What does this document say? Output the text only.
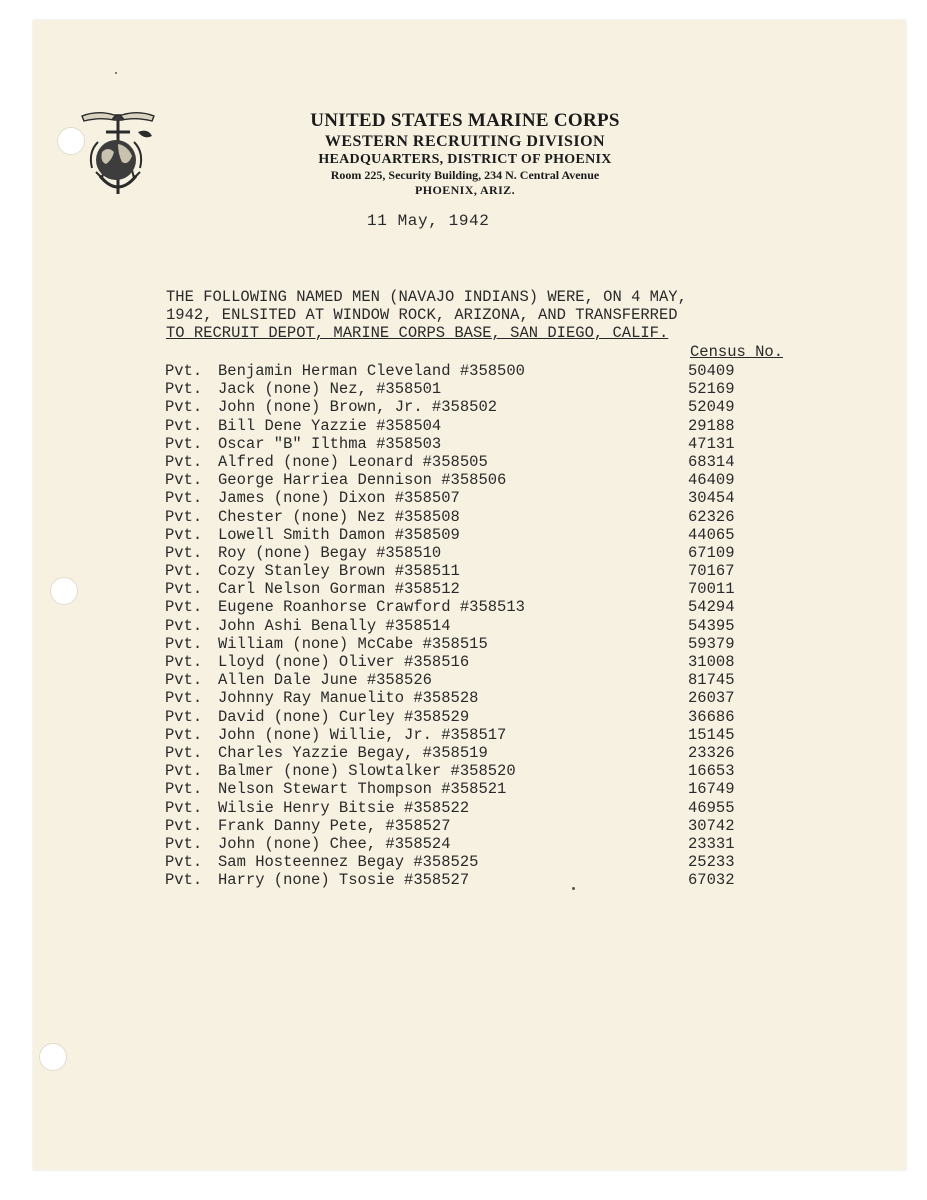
UNITED STATES MARINE CORPS
WESTERN RECRUITING DIVISION
HEADQUARTERS, DISTRICT OF PHOENIX
Room 225, Security Building, 234 N. Central Avenue
PHOENIX, ARIZ.
11 May, 1942
THE FOLLOWING NAMED MEN (NAVAJO INDIANS) WERE, ON 4 MAY,
1942, ENLSITED AT WINDOW ROCK, ARIZONA, AND TRANSFERRED
TO RECRUIT DEPOT, MARINE CORPS BASE, SAN DIEGO, CALIF.
Census No.
Pvt. Benjamin Herman Cleveland #358500	50409
Pvt. Jack (none) Nez, #358501	52169
Pvt. John (none) Brown, Jr. #358502	52049
Pvt. Bill Dene Yazzie #358504	29188
Pvt. Oscar "B" Ilthma #358503	47131
Pvt. Alfred (none) Leonard #358505	68314
Pvt. George Harriea Dennison #358506	46409
Pvt. James (none) Dixon #358507	30454
Pvt. Chester (none) Nez #358508	62326
Pvt. Lowell Smith Damon #358509	44065
Pvt. Roy (none) Begay #358510	67109
Pvt. Cozy Stanley Brown #358511	70167
Pvt. Carl Nelson Gorman #358512	70011
Pvt. Eugene Roanhorse Crawford #358513	54294
Pvt. John Ashi Benally #358514	54395
Pvt. William (none) McCabe #358515	59379
Pvt. Lloyd (none) Oliver #358516	31008
Pvt. Allen Dale June #358526	81745
Pvt. Johnny Ray Manuelito #358528	26037
Pvt. David (none) Curley #358529	36686
Pvt. John (none) Willie, Jr. #358517	15145
Pvt. Charles Yazzie Begay, #358519	23326
Pvt. Balmer (none) Slowtalker #358520	16653
Pvt. Nelson Stewart Thompson #358521	16749
Pvt. Wilsie Henry Bitsie #358522	46955
Pvt. Frank Danny Pete, #358527	30742
Pvt. John (none) Chee, #358524	23331
Pvt. Sam Hosteennez Begay #358525	25233
Pvt. Harry (none) Tsosie #358527	67032
